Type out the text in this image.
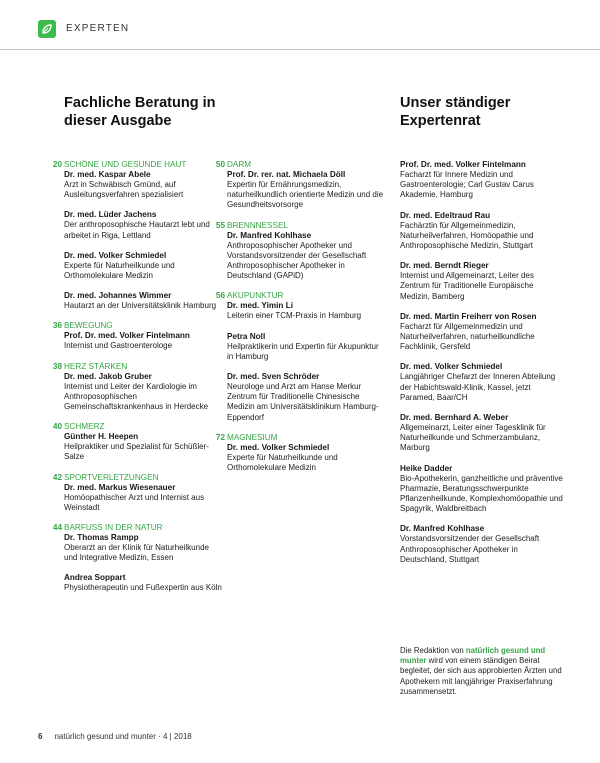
EXPERTEN
Fachliche Beratung in dieser Ausgabe
Unser ständiger Expertenrat
20 SCHÖNE UND GESUNDE HAUT
Dr. med. Kaspar Abele
Arzt in Schwäbisch Gmünd, auf Ausleitungsverfahren spezialisiert
Dr. med. Lüder Jachens
Der anthroposophische Hautarzt lebt und arbeitet in Riga, Lettland
Dr. med. Volker Schmiedel
Experte für Naturheilkunde und Orthomolekulare Medizin
Dr. med. Johannes Wimmer
Hautarzt an der Universitätsklinik Hamburg
36 BEWEGUNG
Prof. Dr. med. Volker Fintelmann
Internist und Gastroenterologe
38 HERZ STÄRKEN
Dr. med. Jakob Gruber
Internist und Leiter der Kardiologie im Anthroposophischen Gemeinschaftskrankenhaus in Herdecke
40 SCHMERZ
Günther H. Heepen
Heilpraktiker und Spezialist für Schüßler-Salze
42 SPORTVERLETZUNGEN
Dr. med. Markus Wiesenauer
Homöopathischer Arzt und Internist aus Weinstadt
44 BARFUSS IN DER NATUR
Dr. Thomas Rampp
Oberarzt an der Klinik für Naturheilkunde und Integrative Medizin, Essen
Andrea Soppart
Physiotherapeutin und Fußexpertin aus Köln
50 DARM
Prof. Dr. rer. nat. Michaela Döll
Expertin für Ernährungsmedizin, naturheilkundlich orientierte Medizin und die Gesundheitsvorsorge
55 BRENNNESSEL
Dr. Manfred Kohlhase
Anthroposophischer Apotheker und Vorstandsvorsitzender der Gesellschaft Anthroposophischer Apotheker in Deutschland (GAPiD)
56 AKUPUNKTUR
Dr. med. Yimin Li
Leiterin einer TCM-Praxis in Hamburg
Petra Noll
Heilpraktikerin und Expertin für Akupunktur in Hamburg
Dr. med. Sven Schröder
Neurologe und Arzt am Hanse Merkur Zentrum für Traditionelle Chinesische Medizin am Universitätsklinikum Hamburg-Eppendorf
72 MAGNESIUM
Dr. med. Volker Schmiedel
Experte für Naturheilkunde und Orthomolekulare Medizin
Prof. Dr. med. Volker Fintelmann
Facharzt für Innere Medizin und Gastroenterologie; Carl Gustav Carus Akademie, Hamburg
Dr. med. Edeltraud Rau
Fachärztin für Allgemeinmedizin, Naturheilverfahren, Homöopathie und Anthroposophische Medizin, Stuttgart
Dr. med. Berndt Rieger
Internist und Allgemeinarzt, Leiter des Zentrum für Traditionelle Europäische Medizin, Bamberg
Dr. med. Martin Freiherr von Rosen
Facharzt für Allgemeinmedizin und Naturheilverfahren, naturheilkundliche Fachklinik, Gersfeld
Dr. med. Volker Schmiedel
Langjähriger Chefarzt der Inneren Abteilung der Habichtswald-Klinik, Kassel, jetzt Paramed, Baar/CH
Dr. med. Bernhard A. Weber
Allgemeinarzt, Leiter einer Tagesklinik für Naturheilkunde und Schmerzambulanz, Marburg
Heike Dadder
Bio-Apothekerin, ganzheitliche und präventive Pharmazie, Beratungsschwerpunkte Pflanzenheilkunde, Komplexhomöopathie und Spagyrik, Waldbreitbach
Dr. Manfred Kohlhase
Vorstandsvorsitzender der Gesellschaft Anthroposophischer Apotheker in Deutschland, Stuttgart
Die Redaktion von natürlich gesund und munter wird von einem ständigen Beirat begleitet, der sich aus approbierten Ärzten und Apothekern mit langjähriger Praxiserfahrung zusammensetzt.
6 natürlich gesund und munter · 4 | 2018
